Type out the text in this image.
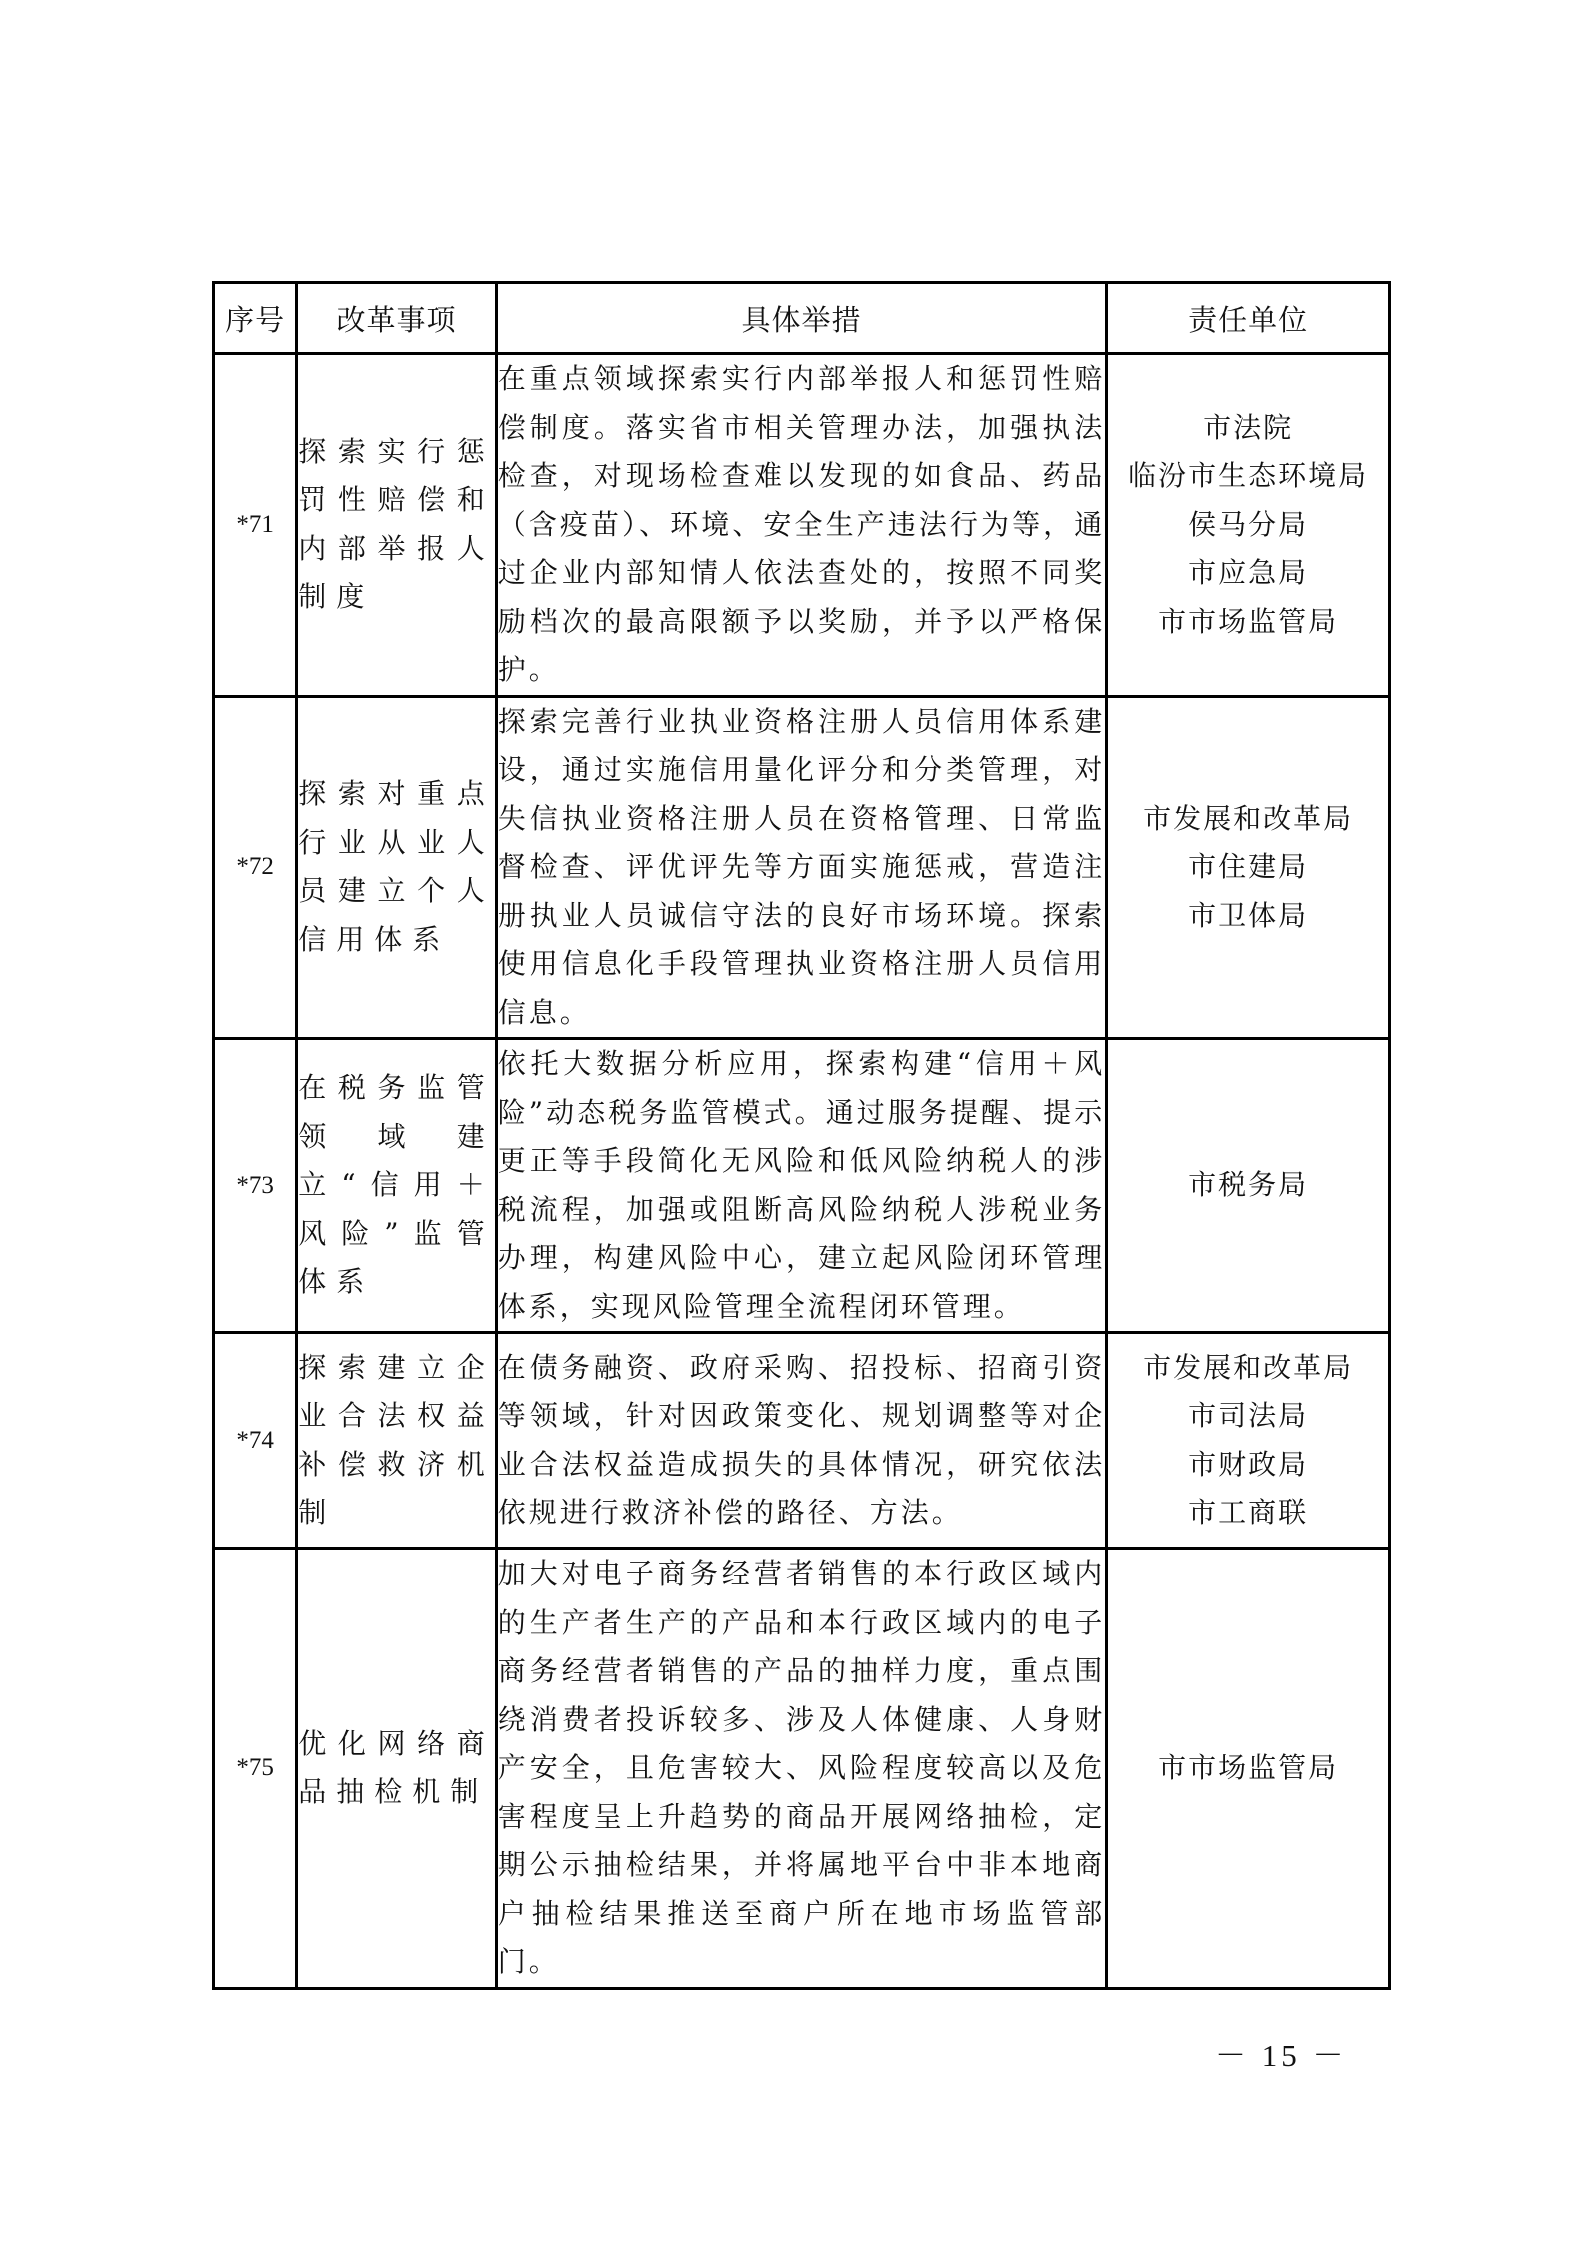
序号	改革事项	具体举措	责任单位
*71	探索实行惩罚性赔偿和内部举报人制度	在重点领域探索实行内部举报人和惩罚性赔偿制度。落实省市相关管理办法，加强执法检查，对现场检查难以发现的如食品、药品（含疫苗）、环境、安全生产违法行为等，通过企业内部知情人依法查处的，按照不同奖励档次的最高限额予以奖励，并予以严格保护。	市法院
临汾市生态环境局
侯马分局
市应急局
市市场监管局

*72	探索对重点行业从业人员建立个人信用体系	探索完善行业执业资格注册人员信用体系建设，通过实施信用量化评分和分类管理，对失信执业资格注册人员在资格管理、日常监督检查、评优评先等方面实施惩戒，营造注册执业人员诚信守法的良好市场环境。探索使用信息化手段管理执业资格注册人员信用信息。	市发展和改革局
市住建局
市卫体局

*73	在税务监管领域建立“信用＋风险”监管体系	依托大数据分析应用，探索构建“信用＋风险”动态税务监管模式。通过服务提醒、提示更正等手段简化无风险和低风险纳税人的涉税流程，加强或阻断高风险纳税人涉税业务办理，构建风险中心，建立起风险闭环管理体系，实现风险管理全流程闭环管理。	市税务局

*74	探索建立企业合法权益补偿救济机制	在债务融资、政府采购、招投标、招商引资等领域，针对因政策变化、规划调整等对企业合法权益造成损失的具体情况，研究依法依规进行救济补偿的路径、方法。	市发展和改革局
市司法局
市财政局
市工商联

*75	优化网络商品抽检机制	加大对电子商务经营者销售的本行政区域内的生产者生产的产品和本行政区域内的电子商务经营者销售的产品的抽样力度，重点围绕消费者投诉较多、涉及人体健康、人身财产安全，且危害较大、风险程度较高以及危害程度呈上升趋势的商品开展网络抽检，定期公示抽检结果，并将属地平台中非本地商户抽检结果推送至商户所在地市场监管部门。	市市场监管局
－ 15 －
